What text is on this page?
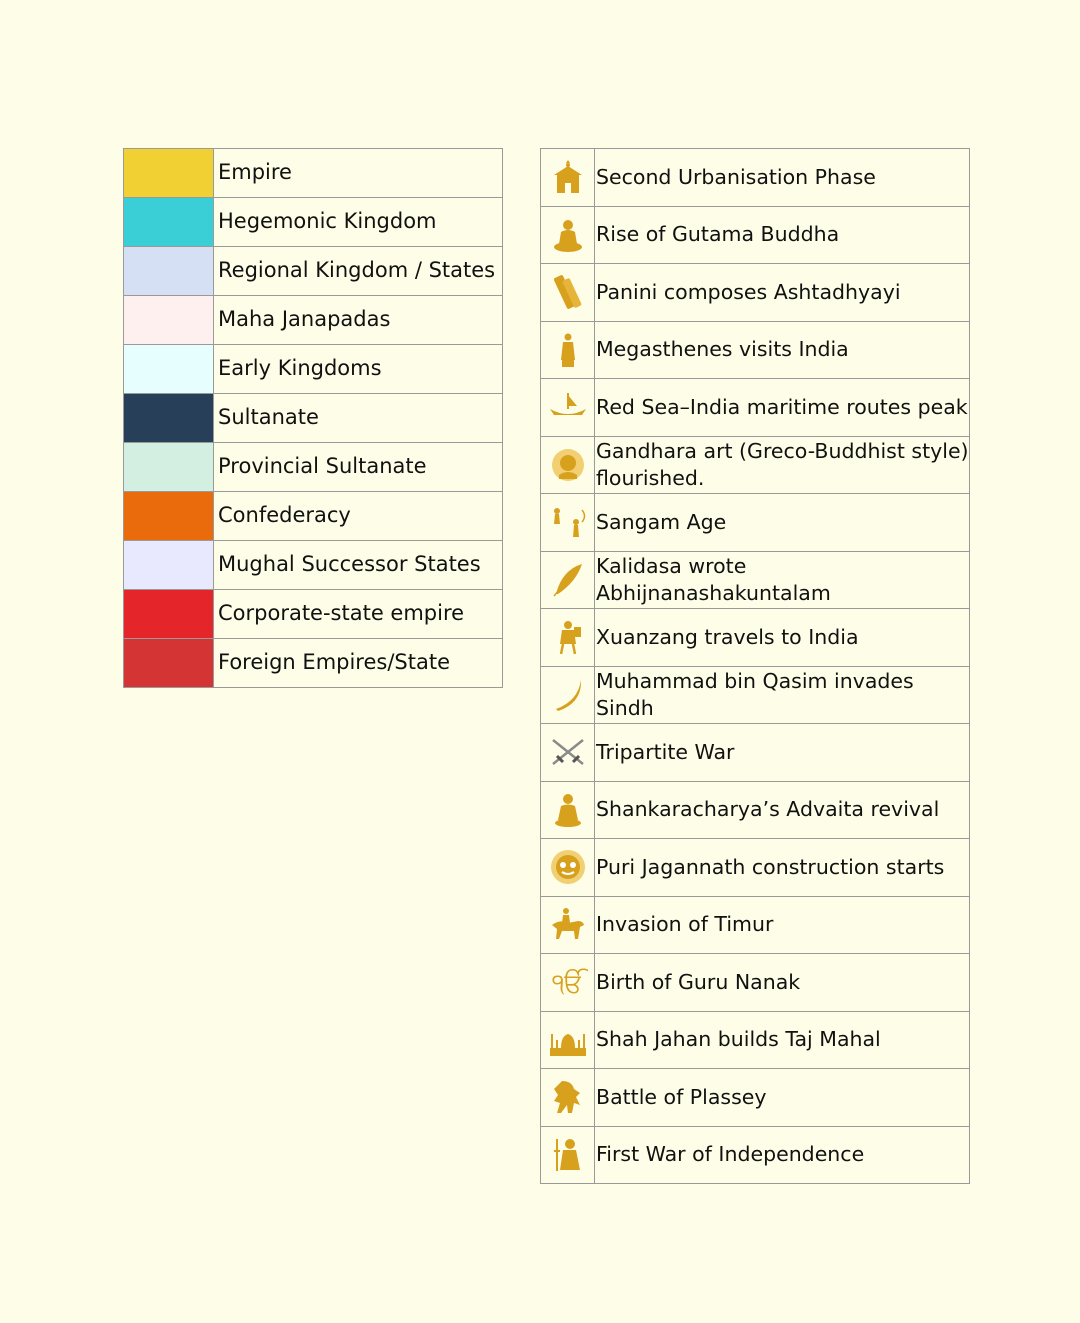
Empire
Hegemonic Kingdom
Regional Kingdom / States
Maha Janapadas
Early Kingdoms
Sultanate
Provincial Sultanate
Confederacy
Mughal Successor States
Corporate-state empire
Foreign Empires/State
Second Urbanisation Phase
Rise of Gutama Buddha
Panini composes Ashtadhyayi
Megasthenes visits India
Red Sea–India maritime routes peak
Gandhara art (Greco-Buddhist style) flourished.
Sangam Age
Kalidasa wrote Abhijnanashakuntalam
Xuanzang travels to India
Muhammad bin Qasim invades Sindh
Tripartite War
Shankaracharya’s Advaita revival
Puri Jagannath construction starts
Invasion of Timur
ੴ Birth of Guru Nanak
Shah Jahan builds Taj Mahal
Battle of Plassey
First War of Independence
